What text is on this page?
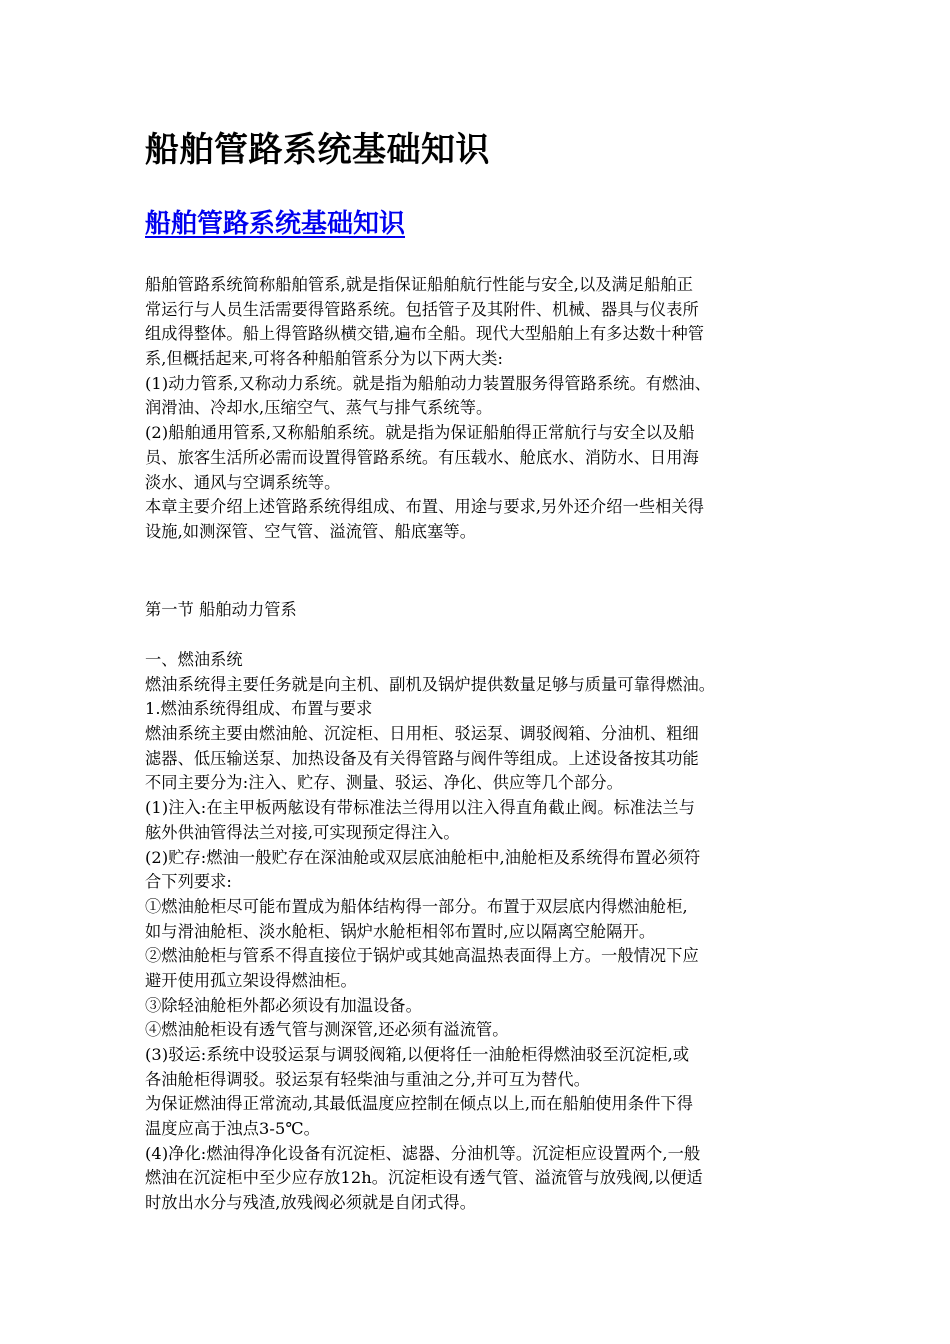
船舶管路系统基础知识
船舶管路系统基础知识
船舶管路系统简称船舶管系,就是指保证船舶航行性能与安全,以及满足船舶正
常运行与人员生活需要得管路系统。包括管子及其附件、机械、器具与仪表所
组成得整体。船上得管路纵横交错,遍布全船。现代大型船舶上有多达数十种管
系,但概括起来,可将各种船舶管系分为以下两大类:
(1)动力管系,又称动力系统。就是指为船舶动力装置服务得管路系统。有燃油、
润滑油、冷却水,压缩空气、蒸气与排气系统等。
(2)船舶通用管系,又称船舶系统。就是指为保证船舶得正常航行与安全以及船
员、旅客生活所必需而设置得管路系统。有压载水、舱底水、消防水、日用海
淡水、通风与空调系统等。
本章主要介绍上述管路系统得组成、布置、用途与要求,另外还介绍一些相关得
设施,如测深管、空气管、溢流管、船底塞等。
第一节 船舶动力管系
一、燃油系统
燃油系统得主要任务就是向主机、副机及锅炉提供数量足够与质量可靠得燃油。
1.燃油系统得组成、布置与要求
燃油系统主要由燃油舱、沉淀柜、日用柜、驳运泵、调驳阀箱、分油机、粗细
滤器、低压输送泵、加热设备及有关得管路与阀件等组成。上述设备按其功能
不同主要分为:注入、贮存、测量、驳运、净化、供应等几个部分。
(1)注入:在主甲板两舷设有带标准法兰得用以注入得直角截止阀。标准法兰与
舷外供油管得法兰对接,可实现预定得注入。
(2)贮存:燃油一般贮存在深油舱或双层底油舱柜中,油舱柜及系统得布置必须符
合下列要求:
①燃油舱柜尽可能布置成为船体结构得一部分。布置于双层底内得燃油舱柜,
如与滑油舱柜、淡水舱柜、锅炉水舱柜相邻布置时,应以隔离空舱隔开。
②燃油舱柜与管系不得直接位于锅炉或其她高温热表面得上方。一般情况下应
避开使用孤立架设得燃油柜。
③除轻油舱柜外都必须设有加温设备。
④燃油舱柜设有透气管与测深管,还必须有溢流管。
(3)驳运:系统中设驳运泵与调驳阀箱,以便将任一油舱柜得燃油驳至沉淀柜,或
各油舱柜得调驳。驳运泵有轻柴油与重油之分,并可互为替代。
为保证燃油得正常流动,其最低温度应控制在倾点以上,而在船舶使用条件下得
温度应高于浊点3-5℃。
(4)净化:燃油得净化设备有沉淀柜、滤器、分油机等。沉淀柜应设置两个,一般
燃油在沉淀柜中至少应存放12h。沉淀柜设有透气管、溢流管与放残阀,以便适
时放出水分与残渣,放残阀必须就是自闭式得。
